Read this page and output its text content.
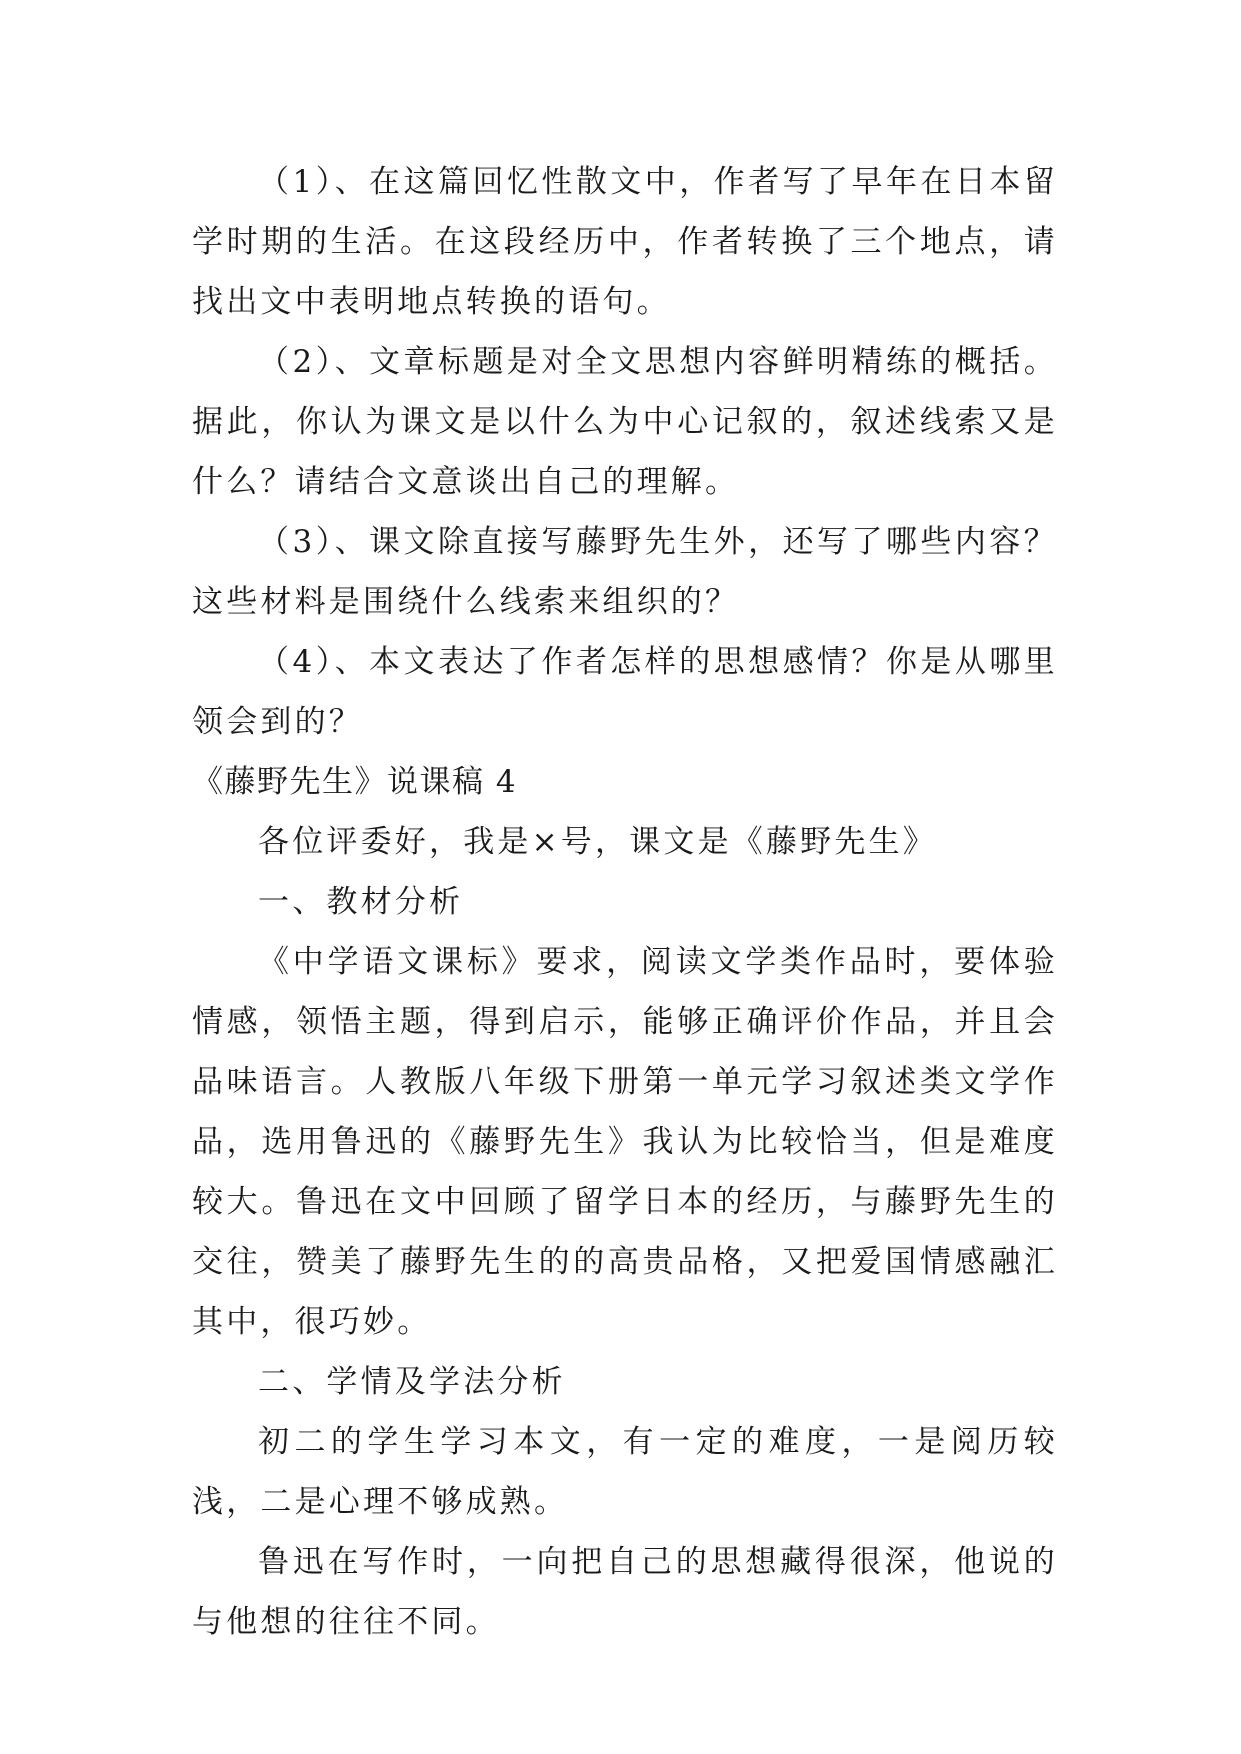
（1）、在这篇回忆性散文中，作者写了早年在日本留学时期的生活。在这段经历中，作者转换了三个地点，请找出文中表明地点转换的语句。

（2）、文章标题是对全文思想内容鲜明精练的概括。据此，你认为课文是以什么为中心记叙的，叙述线索又是什么？请结合文意谈出自己的理解。

（3）、课文除直接写藤野先生外，还写了哪些内容？这些材料是围绕什么线索来组织的？

（4）、本文表达了作者怎样的思想感情？你是从哪里领会到的？

《藤野先生》说课稿 4

各位评委好，我是×号，课文是《藤野先生》

一、教材分析

《中学语文课标》要求，阅读文学类作品时，要体验情感，领悟主题，得到启示，能够正确评价作品，并且会品味语言。人教版八年级下册第一单元学习叙述类文学作品，选用鲁迅的《藤野先生》我认为比较恰当，但是难度较大。鲁迅在文中回顾了留学日本的经历，与藤野先生的交往，赞美了藤野先生的的高贵品格，又把爱国情感融汇其中，很巧妙。

二、学情及学法分析

初二的学生学习本文，有一定的难度，一是阅历较浅，二是心理不够成熟。

鲁迅在写作时，一向把自己的思想藏得很深，他说的与他想的往往不同。
